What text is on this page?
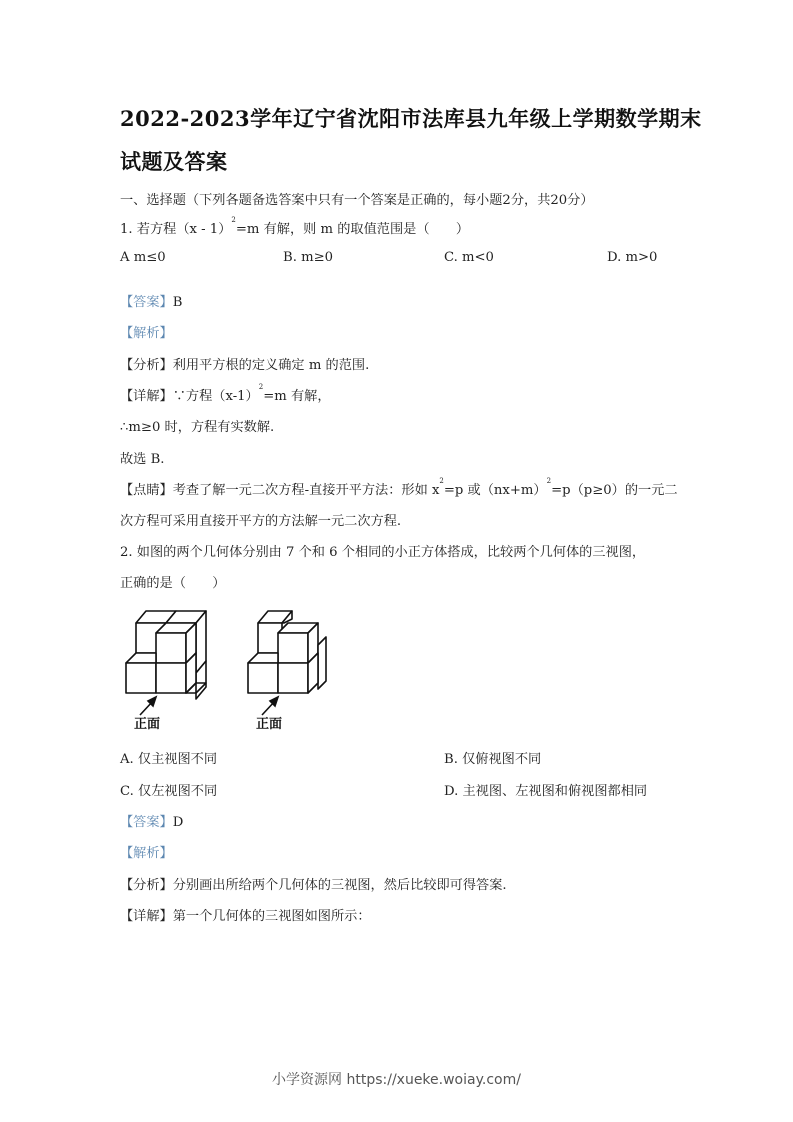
2022-2023学年辽宁省沈阳市法库县九年级上学期数学期末
试题及答案
一、选择题（下列各题备选答案中只有一个答案是正确的，每小题2分，共20分）
1. 若方程（x - 1）$^2$=m 有解，则 m 的取值范围是（　　）
A m≤0	B. m≥0	C. m<0	D. m>0
【答案】B
【解析】
【分析】利用平方根的定义确定 m 的范围.
【详解】∵方程$(x-1)^2=m$ 有解，
∴m≥0 时，方程有实数解.
故选 B.
【点睛】考查了解一元二次方程-直接开平方法：形如 $x^2=p$ 或$(nx+m)^2=p(p\ge 0)$的一元二
次方程可采用直接开平方的方法解一元二次方程.
2. 如图的两个几何体分别由 7 个和 6 个相同的小正方体搭成，比较两个几何体的三视图，
正确的是（　　）
正面	正面
A. 仅主视图不同	B. 仅俯视图不同
C. 仅左视图不同	D. 主视图、左视图和俯视图都相同
【答案】D
【解析】
【分析】分别画出所给两个几何体的三视图，然后比较即可得答案.
【详解】第一个几何体的三视图如图所示：
小学资源网 https://xueke.woiay.com/
